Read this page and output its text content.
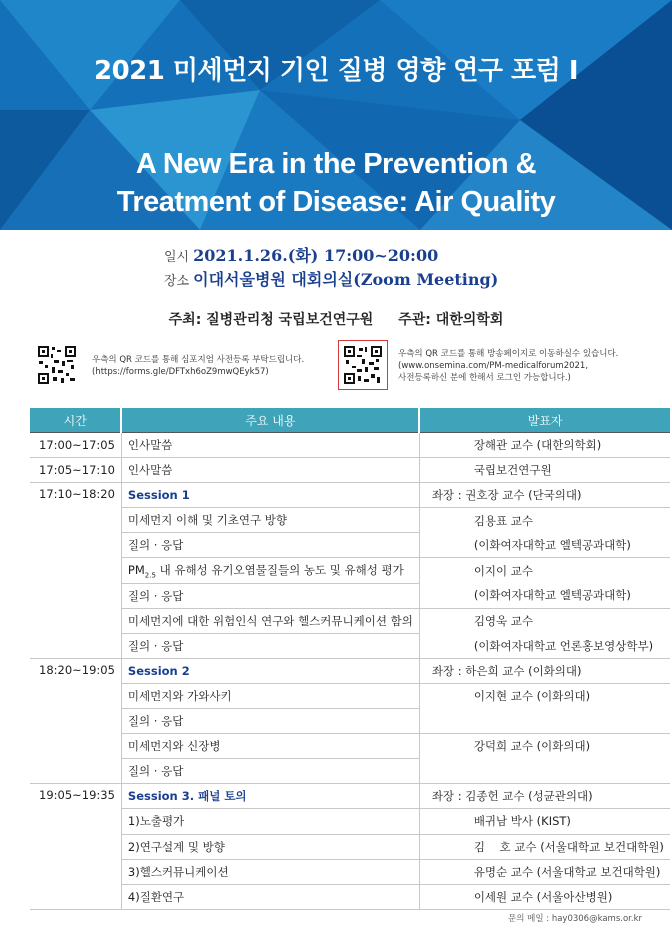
2021 미세먼지 기인 질병 영향 연구 포럼 Ⅰ
A New Era in the Prevention &
Treatment of Disease: Air Quality
일시 2021.1.26.(화) 17:00~20:00
장소 이대서울병원 대회의실(Zoom Meeting)
주최: 질병관리청 국립보건연구원 주관: 대한의학회
우측의 QR 코드를 통해 심포지엄 사전등록 부탁드립니다.
(https://forms.gle/DFTxh6oZ9mwQEyk57)
우측의 QR 코드를 통해 방송페이지로 이동하실수 있습니다.
(www.onsemina.com/PM-medicalforum2021,
사전등록하신 분에 한해서 로그인 가능합니다.)
시간	주요 내용	발표자
17:00~17:05	인사말씀	장해관 교수 (대한의학회)
17:05~17:10	인사말씀	국립보건연구원
17:10~18:20	Session 1	좌장 : 권호장 교수 (단국의대)
	미세먼지 이해 및 기초연구 방향	김용표 교수
	질의 · 응답	(이화여자대학교 엘텍공과대학)
	$PM_{2.5}$ 내 유해성 유기오염물질들의 농도 및 유해성 평가	이지이 교수
	질의 · 응답	(이화여자대학교 엘텍공과대학)
	미세먼지에 대한 위험인식 연구와 헬스커뮤니케이션 함의	김영욱 교수
	질의 · 응답	(이화여자대학교 언론홍보영상학부)
18:20~19:05	Session 2	좌장 : 하은희 교수 (이화의대)
	미세먼지와 가와사키	이지현 교수 (이화의대)
	질의 · 응답	
	미세먼지와 신장병	강덕희 교수 (이화의대)
	질의 · 응답	
19:05~19:35	Session 3. 패널 토의	좌장 : 김종헌 교수 (성균관의대)
	1)노출평가	배귀남 박사 (KIST)
	2)연구설계 및 방향	김    호 교수 (서울대학교 보건대학원)
	3)헬스커뮤니케이션	유명순 교수 (서울대학교 보건대학원)
	4)질환연구	이세원 교수 (서울아산병원)
문의 메일 : hay0306@kams.or.kr
